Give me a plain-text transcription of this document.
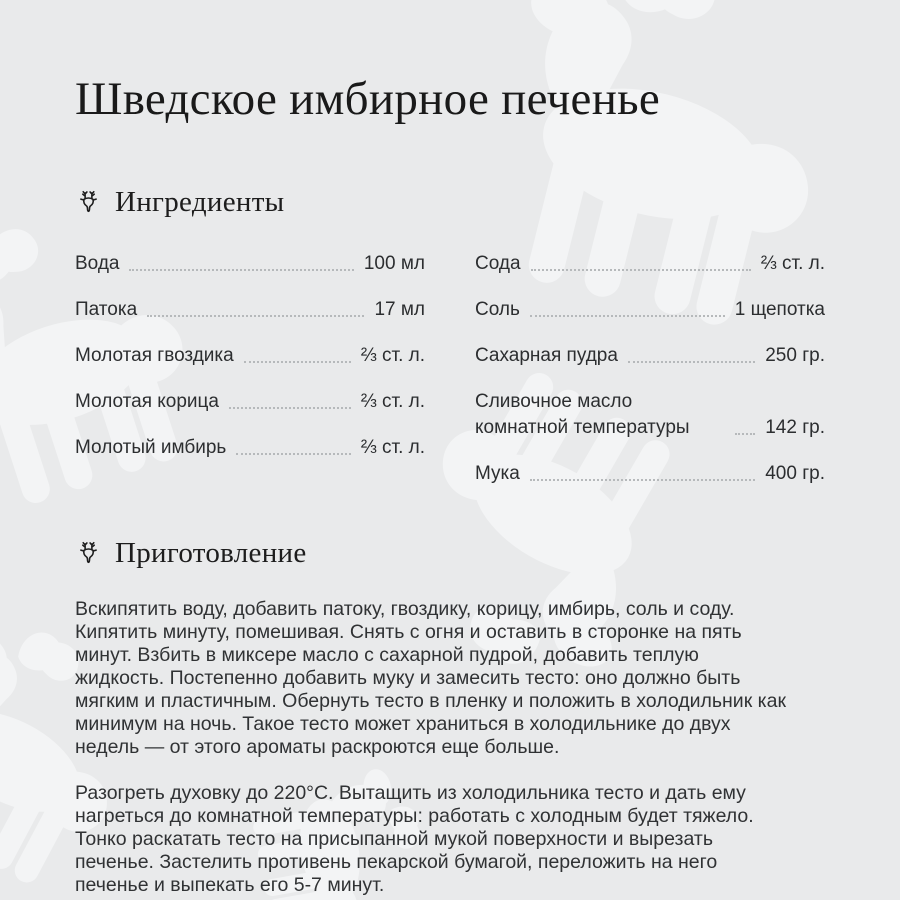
Шведское имбирное печенье
Ингредиенты
Вода	100 мл
Патока	17 мл
Молотая гвоздика	⅔ ст. л.
Молотая корица	⅔ ст. л.
Молотый имбирь	⅔ ст. л.
Сода	⅔ ст. л.
Соль	1 щепотка
Сахарная пудра	250 гр.
Сливочное масло комнатной температуры	142 гр.
Мука	400 гр.
Приготовление

Вскипятить воду, добавить патоку, гвоздику, корицу, имбирь, соль и соду. Кипятить минуту, помешивая. Снять с огня и оставить в сторонке на пять минут. Взбить в миксере масло с сахарной пудрой, добавить теплую жидкость. Постепенно добавить муку и замесить тесто: оно должно быть мягким и пластичным. Обернуть тесто в пленку и положить в холодильник как минимум на ночь. Такое тесто может храниться в холодильнике до двух недель — от этого ароматы раскроются еще больше.

Разогреть духовку до 220°С. Вытащить из холодильника тесто и дать ему нагреться до комнатной температуры: работать с холодным будет тяжело. Тонко раскатать тесто на присыпанной мукой поверхности и вырезать печенье. Застелить противень пекарской бумагой, переложить на него печенье и выпекать его 5-7 минут.
